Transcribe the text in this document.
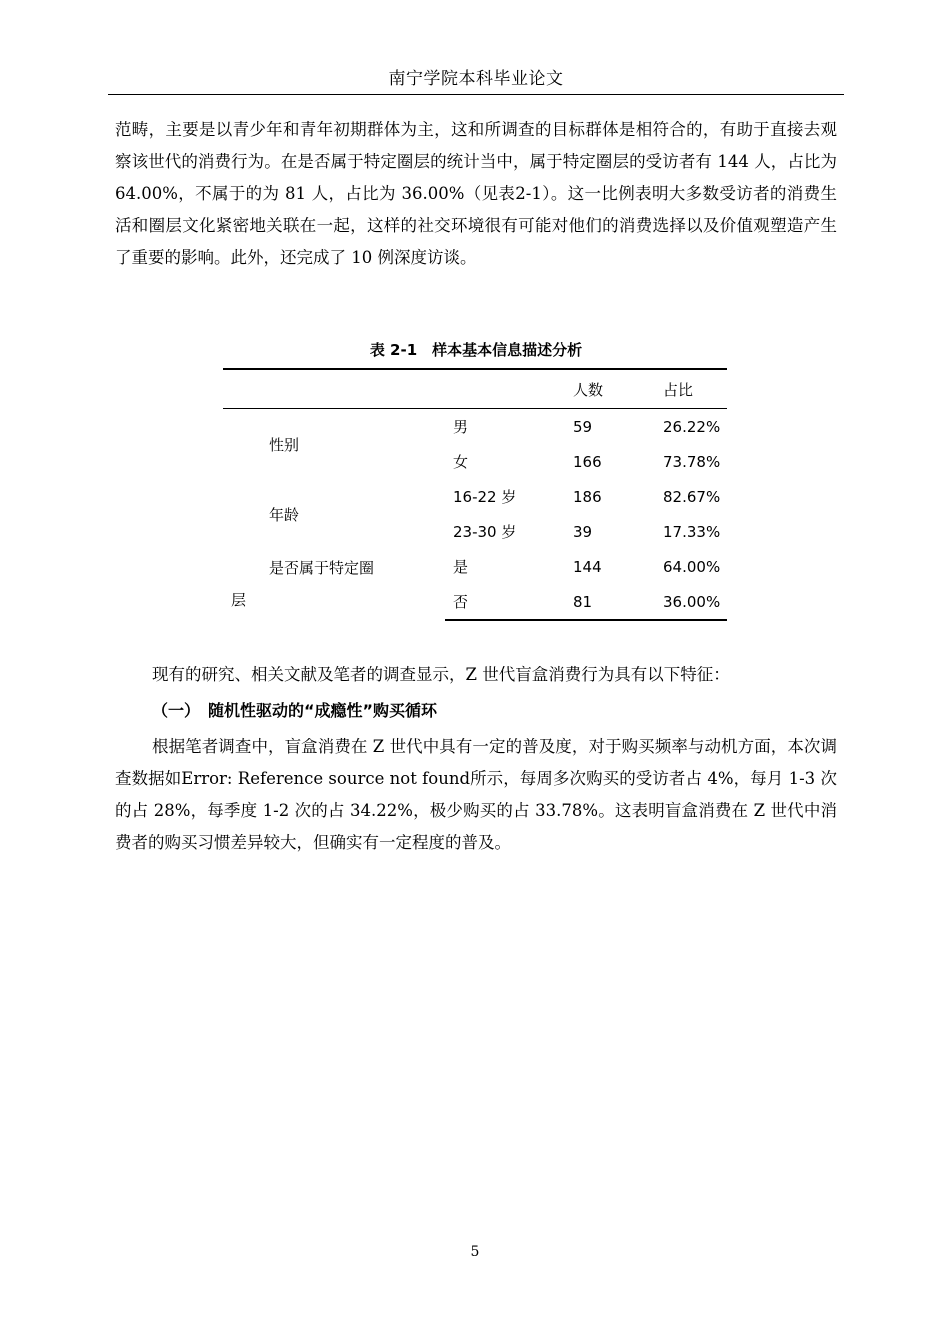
南宁学院本科毕业论文

范畴，主要是以青少年和青年初期群体为主，这和所调查的目标群体是相符合的，有助于直接去观察该世代的消费行为。在是否属于特定圈层的统计当中，属于特定圈层的受访者有 144 人，占比为 64.00%，不属于的为 81 人，占比为 36.00%（见表2-1）。这一比例表明大多数受访者的消费生活和圈层文化紧密地关联在一起，这样的社交环境很有可能对他们的消费选择以及价值观塑造产生了重要的影响。此外，还完成了 10 例深度访谈。

表 2-1　样本基本信息描述分析
		人数	占比
性别	男	59	26.22%
	女	166	73.78%
年龄	16-22 岁	186	82.67%
	23-30 岁	39	17.33%
是否属于特定圈	是	144	64.00%
	否	81	36.00%
层

现有的研究、相关文献及笔者的调查显示，Z 世代盲盒消费行为具有以下特征：

（一）　随机性驱动的“成瘾性”购买循环

根据笔者调查中，盲盒消费在 Z 世代中具有一定的普及度，对于购买频率与动机方面，本次调查数据如Error: Reference source not found所示，每周多次购买的受访者占 4%，每月 1-3 次的占 28%，每季度 1-2 次的占 34.22%，极少购买的占 33.78%。这表明盲盒消费在 Z 世代中消费者的购买习惯差异较大，但确实有一定程度的普及。

5
